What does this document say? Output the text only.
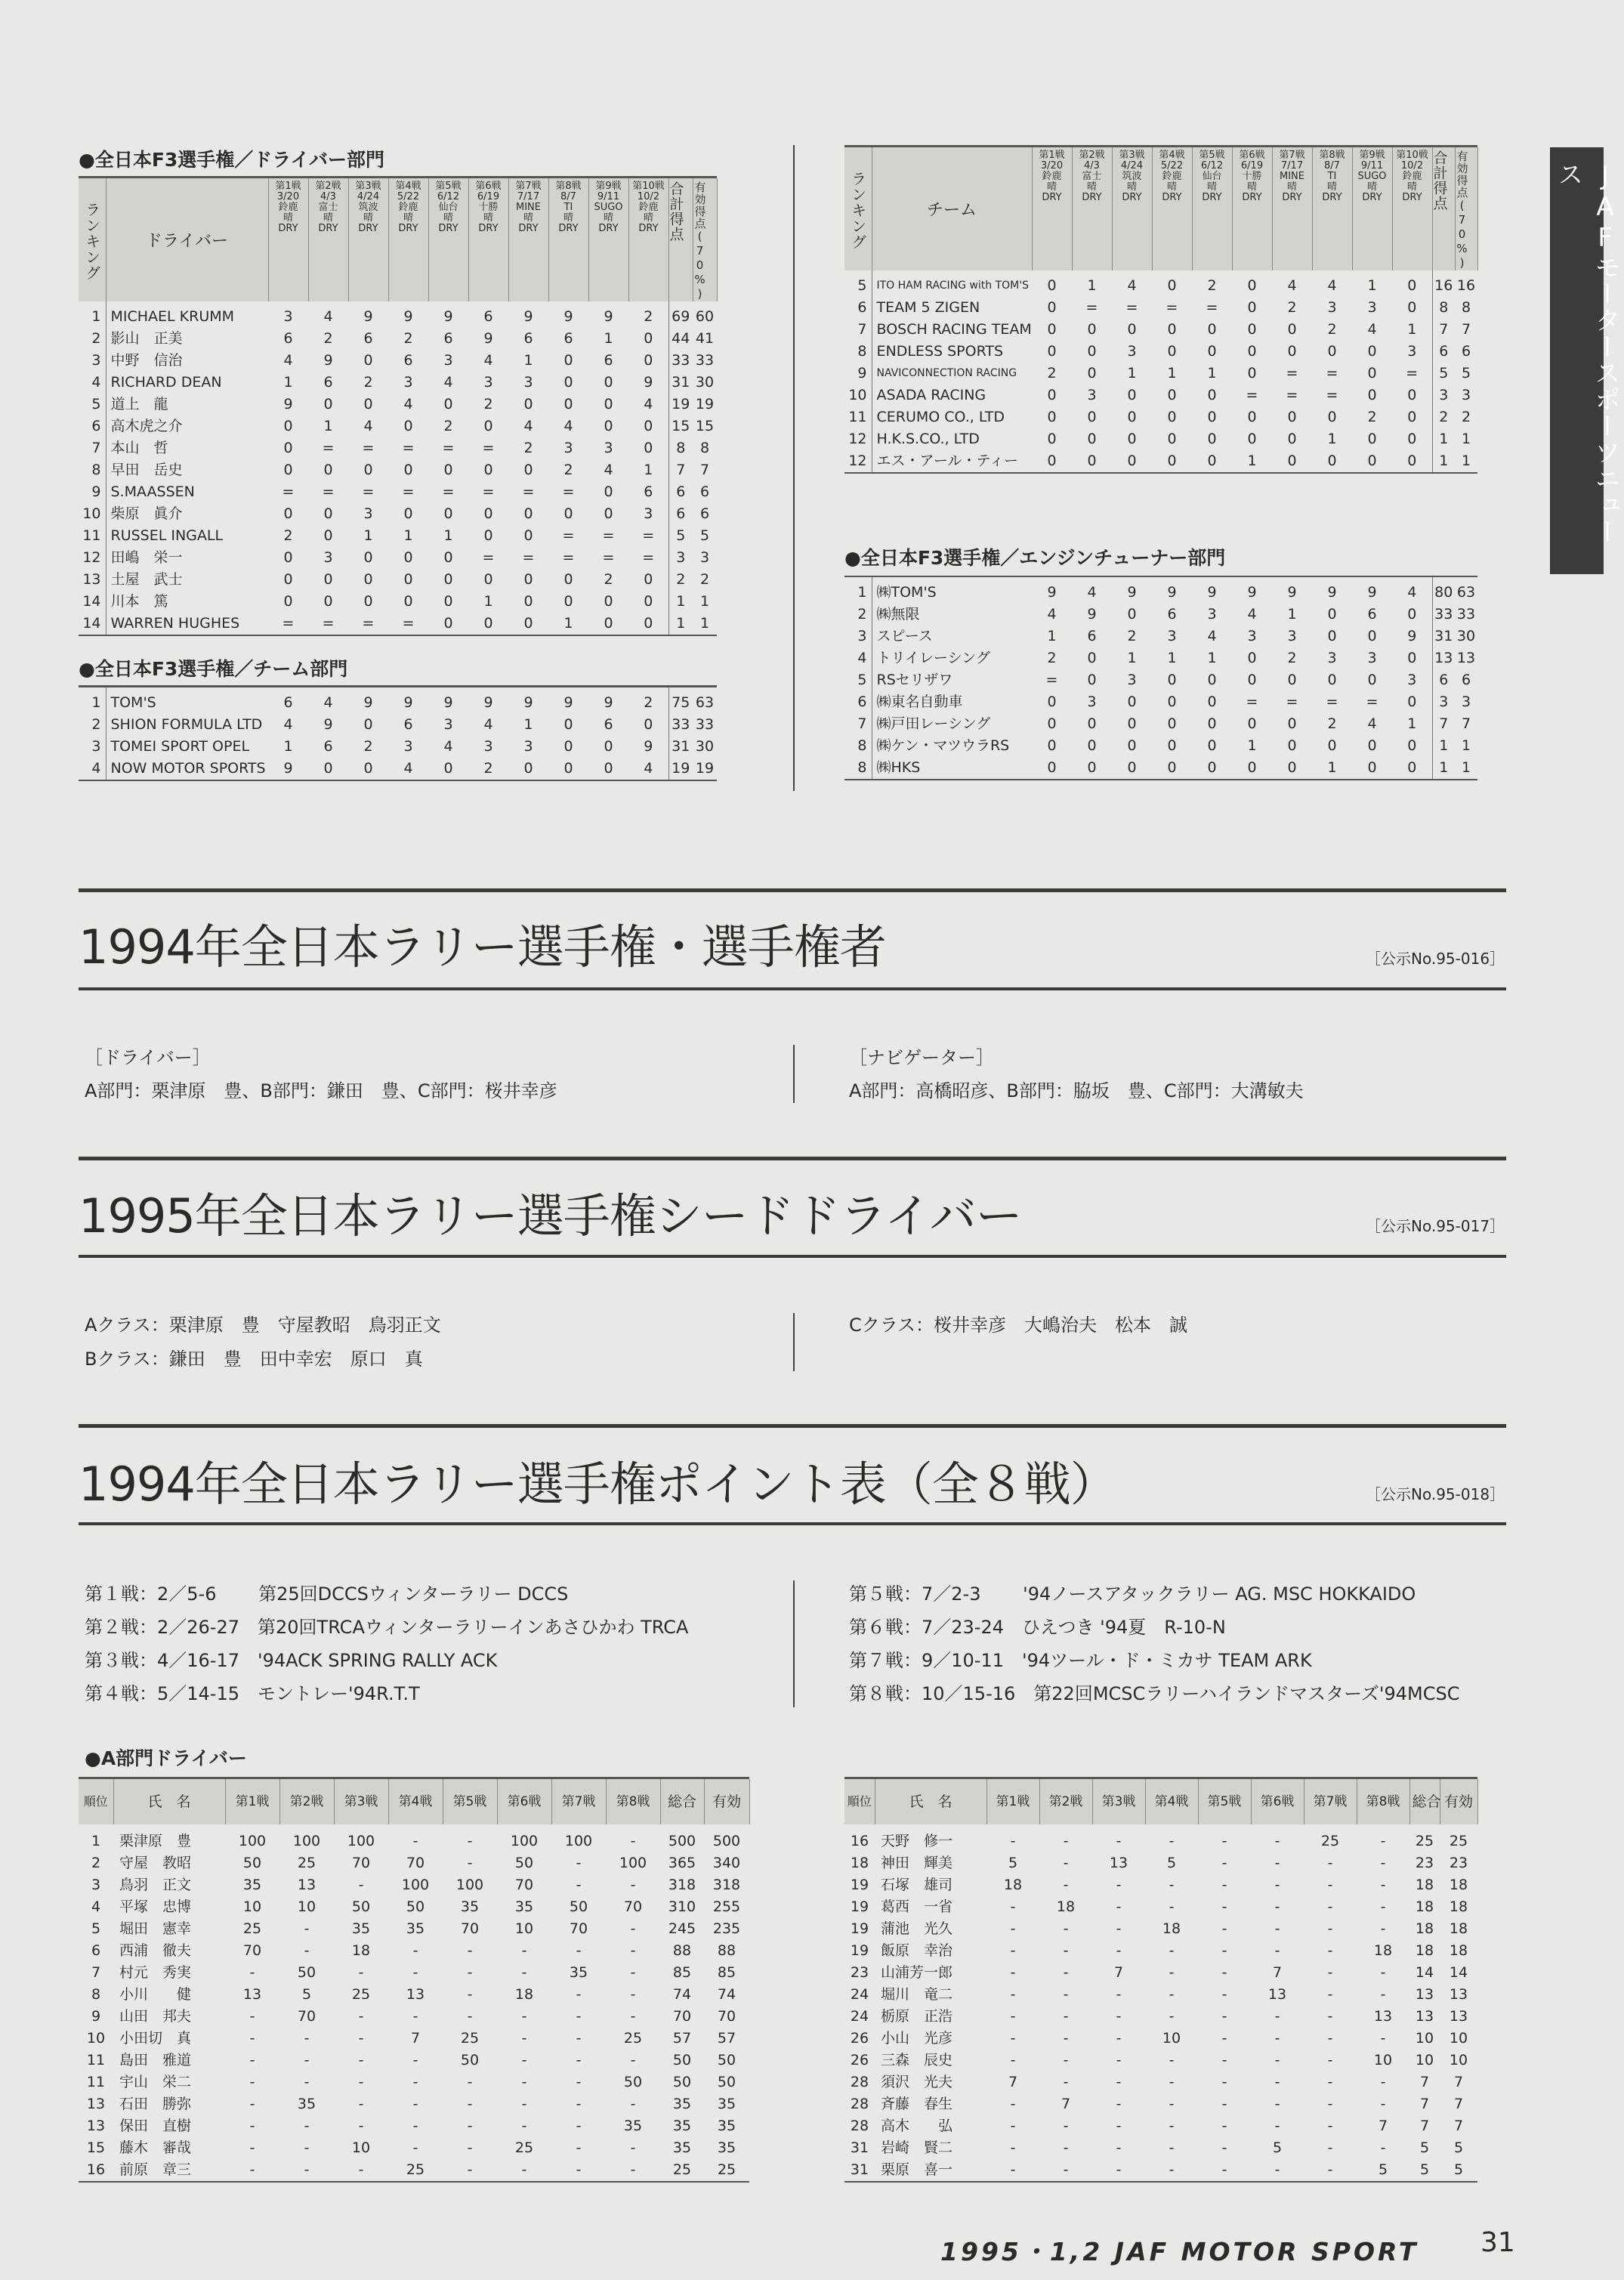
JAFモータースポーツニュース
●全日本F3選手権／ドライバー部門
ランキング	ドライバー	第1戦
3/20
鈴鹿
晴
DRY	第2戦
4/3
富士
晴
DRY	第3戦
4/24
筑波
晴
DRY	第4戦
5/22
鈴鹿
晴
DRY	第5戦
6/12
仙台
晴
DRY	第6戦
6/19
十勝
晴
DRY	第7戦
7/17
MINE
晴
DRY	第8戦
8/7
TI
晴
DRY	第9戦
9/11
SUGO
晴
DRY	第10戦
10/2
鈴鹿
晴
DRY	合計得点	有効得点(70%)

1	MICHAEL KRUMM	3	4	9	9	9	6	9	9	9	2	69	60
2	影山　正美	6	2	6	2	6	9	6	6	1	0	44	41
3	中野　信治	4	9	0	6	3	4	1	0	6	0	33	33
4	RICHARD DEAN	1	6	2	3	4	3	3	0	0	9	31	30
5	道上　龍	9	0	0	4	0	2	0	0	0	4	19	19
6	高木虎之介	0	1	4	0	2	0	4	4	0	0	15	15
7	本山　哲	0	=	=	=	=	=	2	3	3	0	8	8
8	早田　岳史	0	0	0	0	0	0	0	2	4	1	7	7
9	S.MAASSEN	=	=	=	=	=	=	=	=	0	6	6	6
10	柴原　眞介	0	0	3	0	0	0	0	0	0	3	6	6
11	RUSSEL INGALL	2	0	1	1	1	0	0	=	=	=	5	5
12	田嶋　栄一	0	3	0	0	0	=	=	=	=	=	3	3
13	土屋　武士	0	0	0	0	0	0	0	0	2	0	2	2
14	川本　篤	0	0	0	0	0	1	0	0	0	0	1	1
14	WARREN HUGHES	=	=	=	=	0	0	0	1	0	0	1	1
●全日本F3選手権／チーム部門
1	TOM'S	6	4	9	9	9	9	9	9	9	2	75	63
2	SHION FORMULA LTD	4	9	0	6	3	4	1	0	6	0	33	33
3	TOMEI SPORT OPEL	1	6	2	3	4	3	3	0	0	9	31	30
4	NOW MOTOR SPORTS	9	0	0	4	0	2	0	0	0	4	19	19
ランキング	チーム	第1戦
3/20
鈴鹿
晴
DRY	第2戦
4/3
富士
晴
DRY	第3戦
4/24
筑波
晴
DRY	第4戦
5/22
鈴鹿
晴
DRY	第5戦
6/12
仙台
晴
DRY	第6戦
6/19
十勝
晴
DRY	第7戦
7/17
MINE
晴
DRY	第8戦
8/7
TI
晴
DRY	第9戦
9/11
SUGO
晴
DRY	第10戦
10/2
鈴鹿
晴
DRY	合計得点	有効得点(70%)

5	ITO HAM RACING with TOM'S	0	1	4	0	2	0	4	4	1	0	16	16
6	TEAM 5 ZIGEN	0	=	=	=	=	0	2	3	3	0	8	8
7	BOSCH RACING TEAM	0	0	0	0	0	0	0	2	4	1	7	7
8	ENDLESS SPORTS	0	0	3	0	0	0	0	0	0	3	6	6
9	NAVICONNECTION RACING	2	0	1	1	1	0	=	=	0	=	5	5
10	ASADA RACING	0	3	0	0	0	=	=	=	0	0	3	3
11	CERUMO CO., LTD	0	0	0	0	0	0	0	0	2	0	2	2
12	H.K.S.CO., LTD	0	0	0	0	0	0	0	1	0	0	1	1
12	エス・アール・ティー	0	0	0	0	0	1	0	0	0	0	1	1
●全日本F3選手権／エンジンチューナー部門
1	㈱TOM'S	9	4	9	9	9	9	9	9	9	4	80	63
2	㈱無限	4	9	0	6	3	4	1	0	6	0	33	33
3	スピース	1	6	2	3	4	3	3	0	0	9	31	30
4	トリイレーシング	2	0	1	1	1	0	2	3	3	0	13	13
5	RSセリザワ	=	0	3	0	0	0	0	0	0	3	6	6
6	㈱東名自動車	0	3	0	0	0	=	=	=	=	0	3	3
7	㈱戸田レーシング	0	0	0	0	0	0	0	2	4	1	7	7
8	㈱ケン・マツウラRS	0	0	0	0	0	1	0	0	0	0	1	1
8	㈱HKS	0	0	0	0	0	0	0	1	0	0	1	1
1994年全日本ラリー選手権・選手権者	［公示No.95-016］
［ドライバー］
A部門：栗津原　豊、B部門：鎌田　豊、C部門：桜井幸彦
［ナビゲーター］
A部門：高橋昭彦、B部門：脇坂　豊、C部門：大溝敏夫
1995年全日本ラリー選手権シードドライバー	［公示No.95-017］
Aクラス：栗津原　豊　守屋教昭　鳥羽正文
Bクラス：鎌田　豊　田中幸宏　原口　真
Cクラス：桜井幸彦　大嶋治夫　松本　誠
1994年全日本ラリー選手権ポイント表（全８戦）	［公示No.95-018］
第１戦：2／5-6　　 第25回DCCSウィンターラリー DCCS
第２戦：2／26-27　第20回TRCAウィンターラリーインあさひかわ TRCA
第３戦：4／16-17　'94ACK SPRING RALLY ACK
第４戦：5／14-15　モントレー'94R.T.T
第５戦：7／2-3　　 '94ノースアタックラリー AG. MSC HOKKAIDO
第６戦：7／23-24　ひえつき '94夏　R-10-N
第７戦：9／10-11　'94ツール・ド・ミカサ TEAM ARK
第８戦：10／15-16　第22回MCSCラリーハイランドマスターズ'94MCSC
●A部門ドライバー
順位	氏　名	第1戦	第2戦	第3戦	第4戦	第5戦	第6戦	第7戦	第8戦	総合	有効
1	栗津原　豊	100	100	100	-	-	100	100	-	500	500
2	守屋　教昭	50	25	70	70	-	50	-	100	365	340
3	鳥羽　正文	35	13	-	100	100	70	-	-	318	318
4	平塚　忠博	10	10	50	50	35	35	50	70	310	255
5	堀田　憲幸	25	-	35	35	70	10	70	-	245	235
6	西浦　徹夫	70	-	18	-	-	-	-	-	88	88
7	村元　秀実	-	50	-	-	-	-	35	-	85	85
8	小川　　健	13	5	25	13	-	18	-	-	74	74
9	山田　邦夫	-	70	-	-	-	-	-	-	70	70
10	小田切　真	-	-	-	7	25	-	-	25	57	57
11	島田　雅道	-	-	-	-	50	-	-	-	50	50
11	宇山　栄二	-	-	-	-	-	-	-	50	50	50
13	石田　勝弥	-	35	-	-	-	-	-	-	35	35
13	保田　直樹	-	-	-	-	-	-	-	35	35	35
15	藤木　審哉	-	-	10	-	-	25	-	-	35	35
16	前原　章三	-	-	-	25	-	-	-	-	25	25
順位	氏　名	第1戦	第2戦	第3戦	第4戦	第5戦	第6戦	第7戦	第8戦	総合	有効
16	天野　修一	-	-	-	-	-	-	25	-	25	25
18	神田　輝美	5	-	13	5	-	-	-	-	23	23
19	石塚　雄司	18	-	-	-	-	-	-	-	18	18
19	葛西　一省	-	18	-	-	-	-	-	-	18	18
19	蒲池　光久	-	-	-	18	-	-	-	-	18	18
19	飯原　幸治	-	-	-	-	-	-	-	18	18	18
23	山浦芳一郎	-	-	7	-	-	7	-	-	14	14
24	堀川　竜二	-	-	-	-	-	13	-	-	13	13
24	栃原　正浩	-	-	-	-	-	-	-	13	13	13
26	小山　光彦	-	-	-	10	-	-	-	-	10	10
26	三森　辰史	-	-	-	-	-	-	-	10	10	10
28	須沢　光夫	7	-	-	-	-	-	-	-	7	7
28	斉藤　春生	-	7	-	-	-	-	-	-	7	7
28	高木　　弘	-	-	-	-	-	-	-	7	7	7
31	岩崎　賢二	-	-	-	-	-	5	-	-	5	5
31	栗原　喜一	-	-	-	-	-	-	-	5	5	5
1995・1,2 JAF MOTOR SPORT 31
